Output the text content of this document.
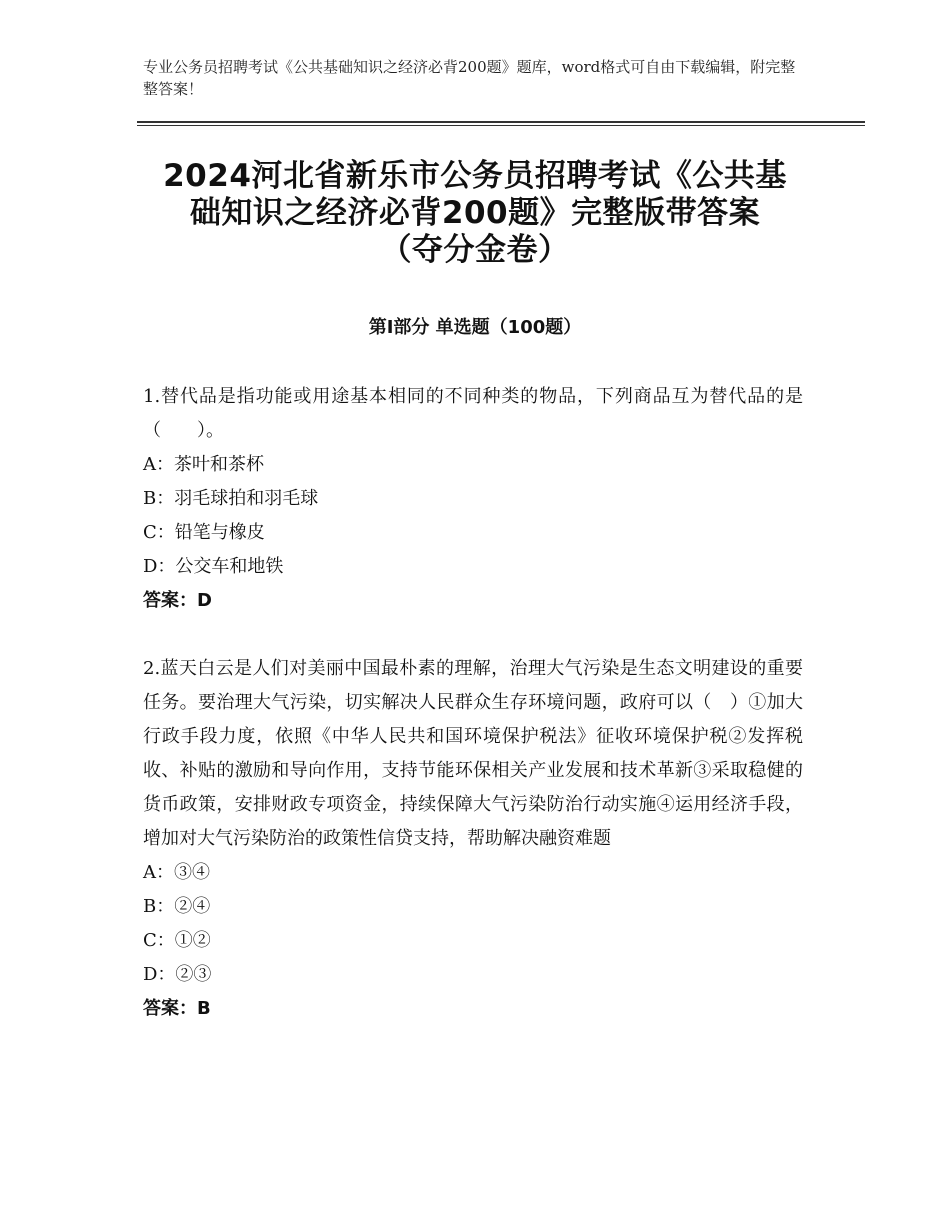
专业公务员招聘考试《公共基础知识之经济必背200题》题库，word格式可自由下载编辑，附完整整答案！
2024河北省新乐市公务员招聘考试《公共基
础知识之经济必背200题》完整版带答案
（夺分金卷）
第Ⅰ部分 单选题（100题）
1.替代品是指功能或用途基本相同的不同种类的物品，下列商品互为替代品的是（　　）。
A：茶叶和茶杯
B：羽毛球拍和羽毛球
C：铅笔与橡皮
D：公交车和地铁
答案：D
2.蓝天白云是人们对美丽中国最朴素的理解，治理大气污染是生态文明建设的重要任务。要治理大气污染，切实解决人民群众生存环境问题，政府可以（　）①加大行政手段力度，依照《中华人民共和国环境保护税法》征收环境保护税②发挥税收、补贴的激励和导向作用，支持节能环保相关产业发展和技术革新③采取稳健的货币政策，安排财政专项资金，持续保障大气污染防治行动实施④运用经济手段，增加对大气污染防治的政策性信贷支持，帮助解决融资难题
A：③④
B：②④
C：①②
D：②③
答案：B
